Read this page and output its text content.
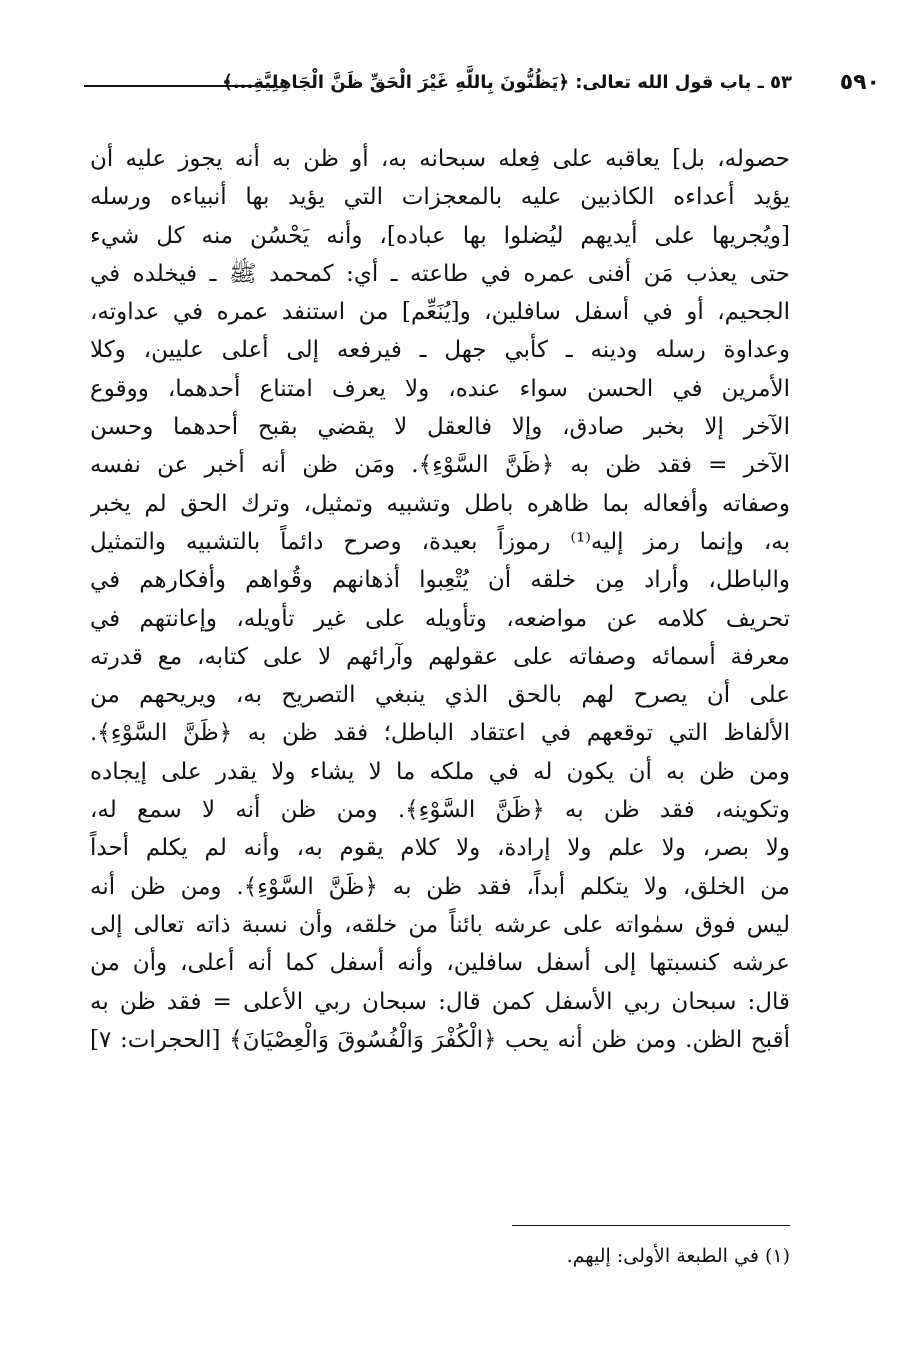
٥٩٠
٥٣ ـ باب قول الله تعالى: ﴿يَظُنُّونَ بِاللَّهِ غَيْرَ الْحَقِّ ظَنَّ الْجَاهِلِيَّةِ...﴾
حصوله، بل] يعاقبه على فِعله سبحانه به، أو ظن به أنه يجوز عليه أن
يؤيد أعداءه الكاذبين عليه بالمعجزات التي يؤيد بها أنبياءه ورسله
[ويُجريها على أيديهم ليُضلوا بها عباده]، وأنه يَحْسُن منه كل شيء
حتى يعذب مَن أفنى عمره في طاعته ـ أي: كمحمد ﷺ ـ فيخلده في
الجحيم، أو في أسفل سافلين، و[يُنَعِّم] من استنفد عمره في عداوته،
وعداوة رسله ودينه ـ كأبي جهل ـ فيرفعه إلى أعلى عليين، وكلا
الأمرين في الحسن سواء عنده، ولا يعرف امتناع أحدهما، ووقوع
الآخر إلا بخبر صادق، وإلا فالعقل لا يقضي بقبح أحدهما وحسن
الآخر = فقد ظن به ﴿ظَنَّ السَّوْءِ﴾. ومَن ظن أنه أخبر عن نفسه
وصفاته وأفعاله بما ظاهره باطل وتشبيه وتمثيل، وترك الحق لم يخبر
به، وإنما رمز إليه⁽¹⁾ رموزاً بعيدة، وصرح دائماً بالتشبيه والتمثيل
والباطل، وأراد مِن خلقه أن يُتْعِبوا أذهانهم وقُواهم وأفكارهم في
تحريف كلامه عن مواضعه، وتأويله على غير تأويله، وإعانتهم في
معرفة أسمائه وصفاته على عقولهم وآرائهم لا على كتابه، مع قدرته
على أن يصرح لهم بالحق الذي ينبغي التصريح به، ويريحهم من
الألفاظ التي توقعهم في اعتقاد الباطل؛ فقد ظن به ﴿ظَنَّ السَّوْءِ﴾.
ومن ظن به أن يكون له في ملكه ما لا يشاء ولا يقدر على إيجاده
وتكوينه، فقد ظن به ﴿ظَنَّ السَّوْءِ﴾. ومن ظن أنه لا سمع له،
ولا بصر، ولا علم ولا إرادة، ولا كلام يقوم به، وأنه لم يكلم أحداً
من الخلق، ولا يتكلم أبداً، فقد ظن به ﴿ظَنَّ السَّوْءِ﴾. ومن ظن أنه
ليس فوق سمٰواته على عرشه بائناً من خلقه، وأن نسبة ذاته تعالى إلى
عرشه كنسبتها إلى أسفل سافلين، وأنه أسفل كما أنه أعلى، وأن من
قال: سبحان ربي الأسفل كمن قال: سبحان ربي الأعلى = فقد ظن به
أقبح الظن. ومن ظن أنه يحب ﴿الْكُفْرَ وَالْفُسُوقَ وَالْعِصْيَانَ﴾ [الحجرات: ٧]
(١) في الطبعة الأولى: إليهم.
